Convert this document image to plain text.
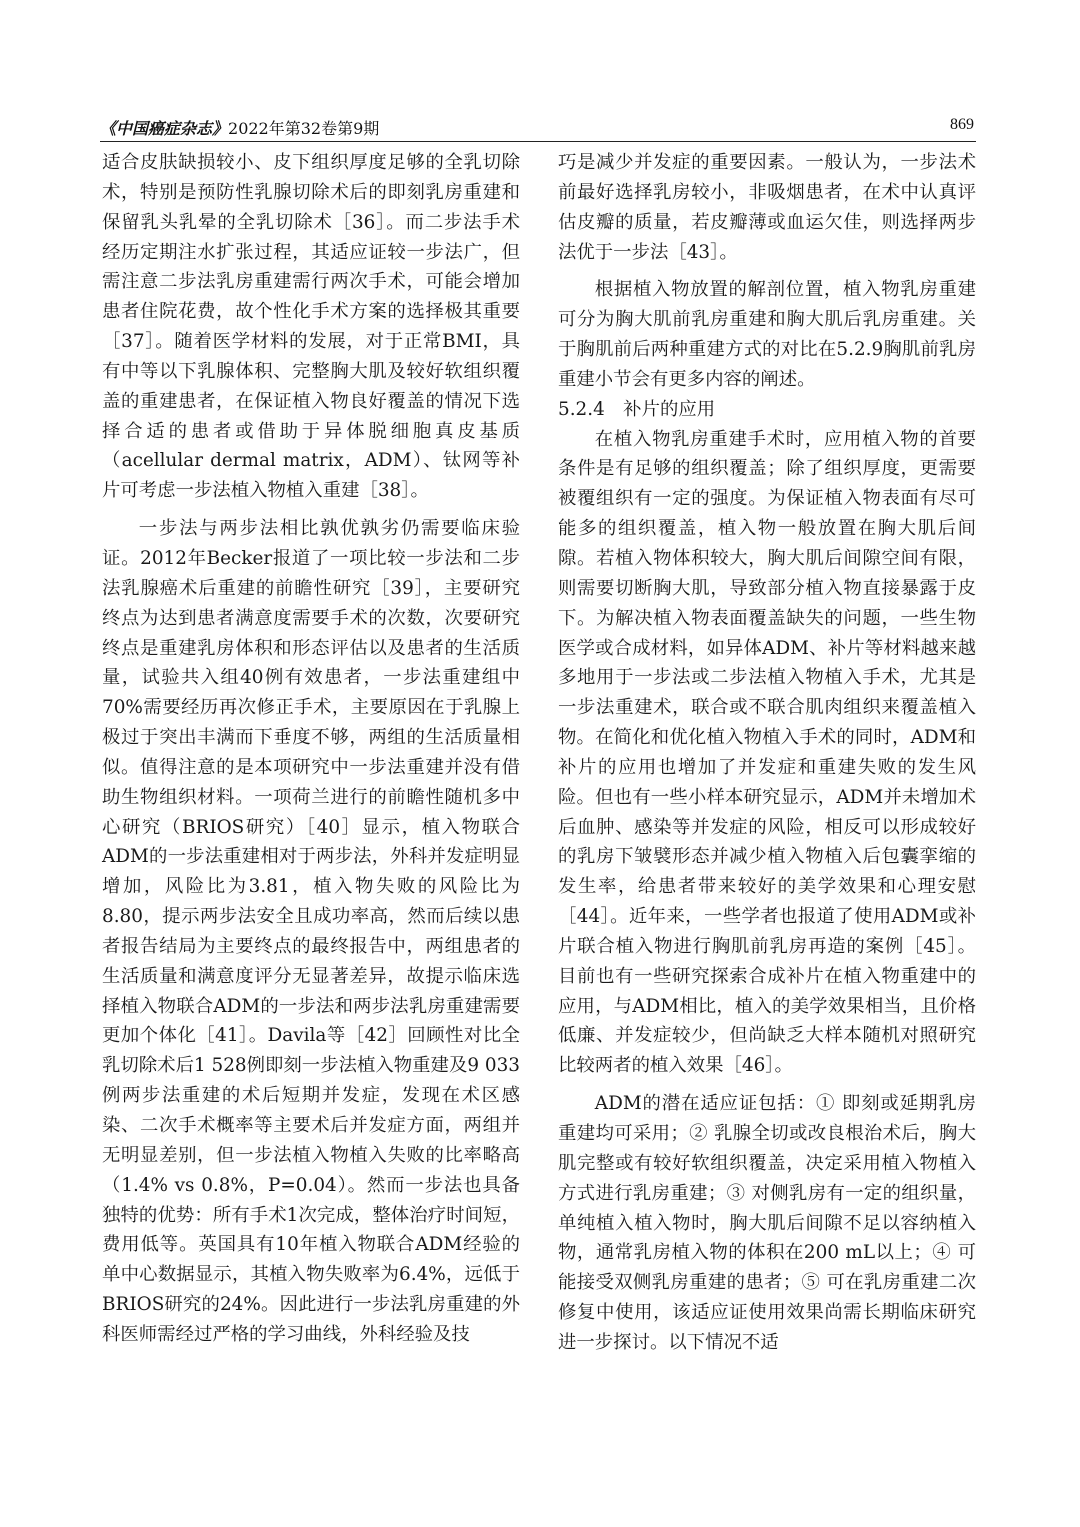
《中国癌症杂志》2022年第32卷第9期	869

适合皮肤缺损较小、皮下组织厚度足够的全乳切除术，特别是预防性乳腺切除术后的即刻乳房重建和保留乳头乳晕的全乳切除术［36］。而二步法手术经历定期注水扩张过程，其适应证较一步法广，但需注意二步法乳房重建需行两次手术，可能会增加患者住院花费，故个性化手术方案的选择极其重要［37］。随着医学材料的发展，对于正常BMI，具有中等以下乳腺体积、完整胸大肌及较好软组织覆盖的重建患者，在保证植入物良好覆盖的情况下选择合适的患者或借助于异体脱细胞真皮基质（acellular dermal matrix，ADM）、钛网等补片可考虑一步法植入物植入重建［38］。

一步法与两步法相比孰优孰劣仍需要临床验证。2012年Becker报道了一项比较一步法和二步法乳腺癌术后重建的前瞻性研究［39］，主要研究终点为达到患者满意度需要手术的次数，次要研究终点是重建乳房体积和形态评估以及患者的生活质量，试验共入组40例有效患者，一步法重建组中70%需要经历再次修正手术，主要原因在于乳腺上极过于突出丰满而下垂度不够，两组的生活质量相似。值得注意的是本项研究中一步法重建并没有借助生物组织材料。一项荷兰进行的前瞻性随机多中心研究（BRIOS研究）［40］显示，植入物联合ADM的一步法重建相对于两步法，外科并发症明显增加，风险比为3.81，植入物失败的风险比为8.80，提示两步法安全且成功率高，然而后续以患者报告结局为主要终点的最终报告中，两组患者的生活质量和满意度评分无显著差异，故提示临床选择植入物联合ADM的一步法和两步法乳房重建需要更加个体化［41］。Davila等［42］回顾性对比全乳切除术后1 528例即刻一步法植入物重建及9 033例两步法重建的术后短期并发症，发现在术区感染、二次手术概率等主要术后并发症方面，两组并无明显差别，但一步法植入物植入失败的比率略高（1.4% vs 0.8%，P=0.04）。然而一步法也具备独特的优势：所有手术1次完成，整体治疗时间短，费用低等。英国具有10年植入物联合ADM经验的单中心数据显示，其植入物失败率为6.4%，远低于BRIOS研究的24%。因此进行一步法乳房重建的外科医师需经过严格的学习曲线，外科经验及技

巧是减少并发症的重要因素。一般认为，一步法术前最好选择乳房较小，非吸烟患者，在术中认真评估皮瓣的质量，若皮瓣薄或血运欠佳，则选择两步法优于一步法［43］。

根据植入物放置的解剖位置，植入物乳房重建可分为胸大肌前乳房重建和胸大肌后乳房重建。关于胸肌前后两种重建方式的对比在5.2.9胸肌前乳房重建小节会有更多内容的阐述。

5.2.4　补片的应用

在植入物乳房重建手术时，应用植入物的首要条件是有足够的组织覆盖；除了组织厚度，更需要被覆组织有一定的强度。为保证植入物表面有尽可能多的组织覆盖，植入物一般放置在胸大肌后间隙。若植入物体积较大，胸大肌后间隙空间有限，则需要切断胸大肌，导致部分植入物直接暴露于皮下。为解决植入物表面覆盖缺失的问题，一些生物医学或合成材料，如异体ADM、补片等材料越来越多地用于一步法或二步法植入物植入手术，尤其是一步法重建术，联合或不联合肌肉组织来覆盖植入物。在简化和优化植入物植入手术的同时，ADM和补片的应用也增加了并发症和重建失败的发生风险。但也有一些小样本研究显示，ADM并未增加术后血肿、感染等并发症的风险，相反可以形成较好的乳房下皱襞形态并减少植入物植入后包囊挛缩的发生率，给患者带来较好的美学效果和心理安慰［44］。近年来，一些学者也报道了使用ADM或补片联合植入物进行胸肌前乳房再造的案例［45］。目前也有一些研究探索合成补片在植入物重建中的应用，与ADM相比，植入的美学效果相当，且价格低廉、并发症较少，但尚缺乏大样本随机对照研究比较两者的植入效果［46］。

ADM的潜在适应证包括：① 即刻或延期乳房重建均可采用；② 乳腺全切或改良根治术后，胸大肌完整或有较好软组织覆盖，决定采用植入物植入方式进行乳房重建；③ 对侧乳房有一定的组织量，单纯植入植入物时，胸大肌后间隙不足以容纳植入物，通常乳房植入物的体积在200 mL以上；④ 可能接受双侧乳房重建的患者；⑤ 可在乳房重建二次修复中使用，该适应证使用效果尚需长期临床研究进一步探讨。以下情况不适
